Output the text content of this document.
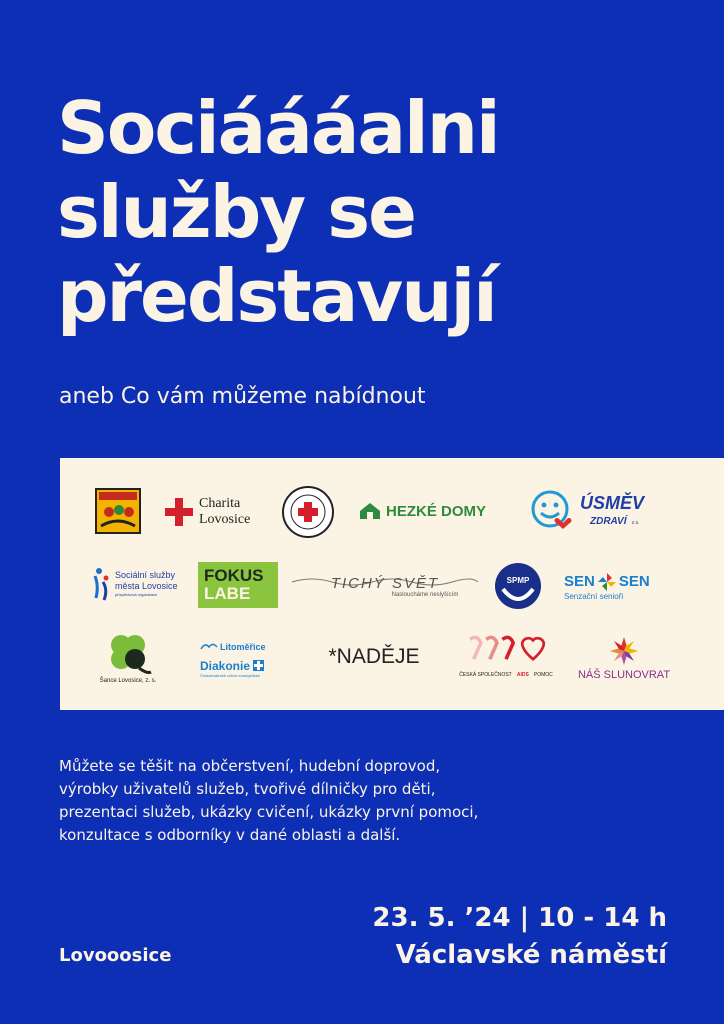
Sociáááalni
služby se
představují
aneb Co vám můžeme nabídnout
Charita
Lovosice	HEZKÉ DOMY	ÚSMĚV
ZDRAVÍ z.s.
Sociální služby
města Lovosice
příspěvková organizace
FOKUS
LABE
TICHÝ SVĚT
Nasloucháme neslyšícím
SPMP SEN SEN
Senzační senioři
Šance Lovosice, z. s.
Litoměřice
Diakonie
Českobratrské církve evangelické
*NADĚJE
ČESKÁ SPOLEČNOST AIDS POMOC NÁŠ SLUNOVRAT
Můžete se těšit na občerstvení, hudební doprovod,
výrobky uživatelů služeb, tvořivé dílničky pro děti,
prezentaci služeb, ukázky cvičení, ukázky první pomoci,
konzultace s odborníky v dané oblasti a další.
23. 5. ʼ24 | 10 - 14 h
Václavské náměstí
Lovooosice
